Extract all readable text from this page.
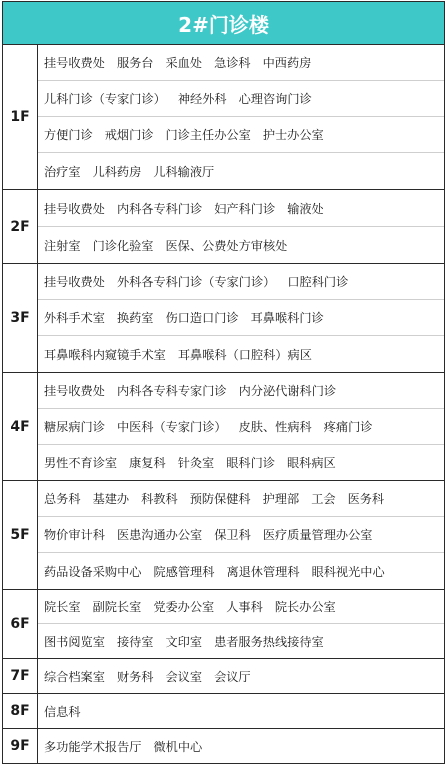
2#门诊楼
1F
挂号收费处 服务台 采血处 急诊科 中西药房
儿科门诊（专家门诊） 神经外科 心理咨询门诊
方便门诊 戒烟门诊 门诊主任办公室 护士办公室
治疗室 儿科药房 儿科输液厅
2F
挂号收费处 内科各专科门诊 妇产科门诊 输液处
注射室 门诊化验室 医保、公费处方审核处
3F
挂号收费处 外科各专科门诊（专家门诊） 口腔科门诊
外科手术室 换药室 伤口造口门诊 耳鼻喉科门诊
耳鼻喉科内窥镜手术室 耳鼻喉科（口腔科）病区
4F
挂号收费处 内科各专科专家门诊 内分泌代谢科门诊
糖尿病门诊 中医科（专家门诊） 皮肤、性病科 疼痛门诊
男性不育诊室 康复科 针灸室 眼科门诊 眼科病区
5F
总务科 基建办 科教科 预防保健科 护理部 工会 医务科
物价审计科 医患沟通办公室 保卫科 医疗质量管理办公室
药品设备采购中心 院感管理科 离退休管理科 眼科视光中心
6F
院长室 副院长室 党委办公室 人事科 院长办公室
图书阅览室 接待室 文印室 患者服务热线接待室
7F	综合档案室 财务科 会议室 会议厅
8F	信息科
9F	多功能学术报告厅 微机中心
